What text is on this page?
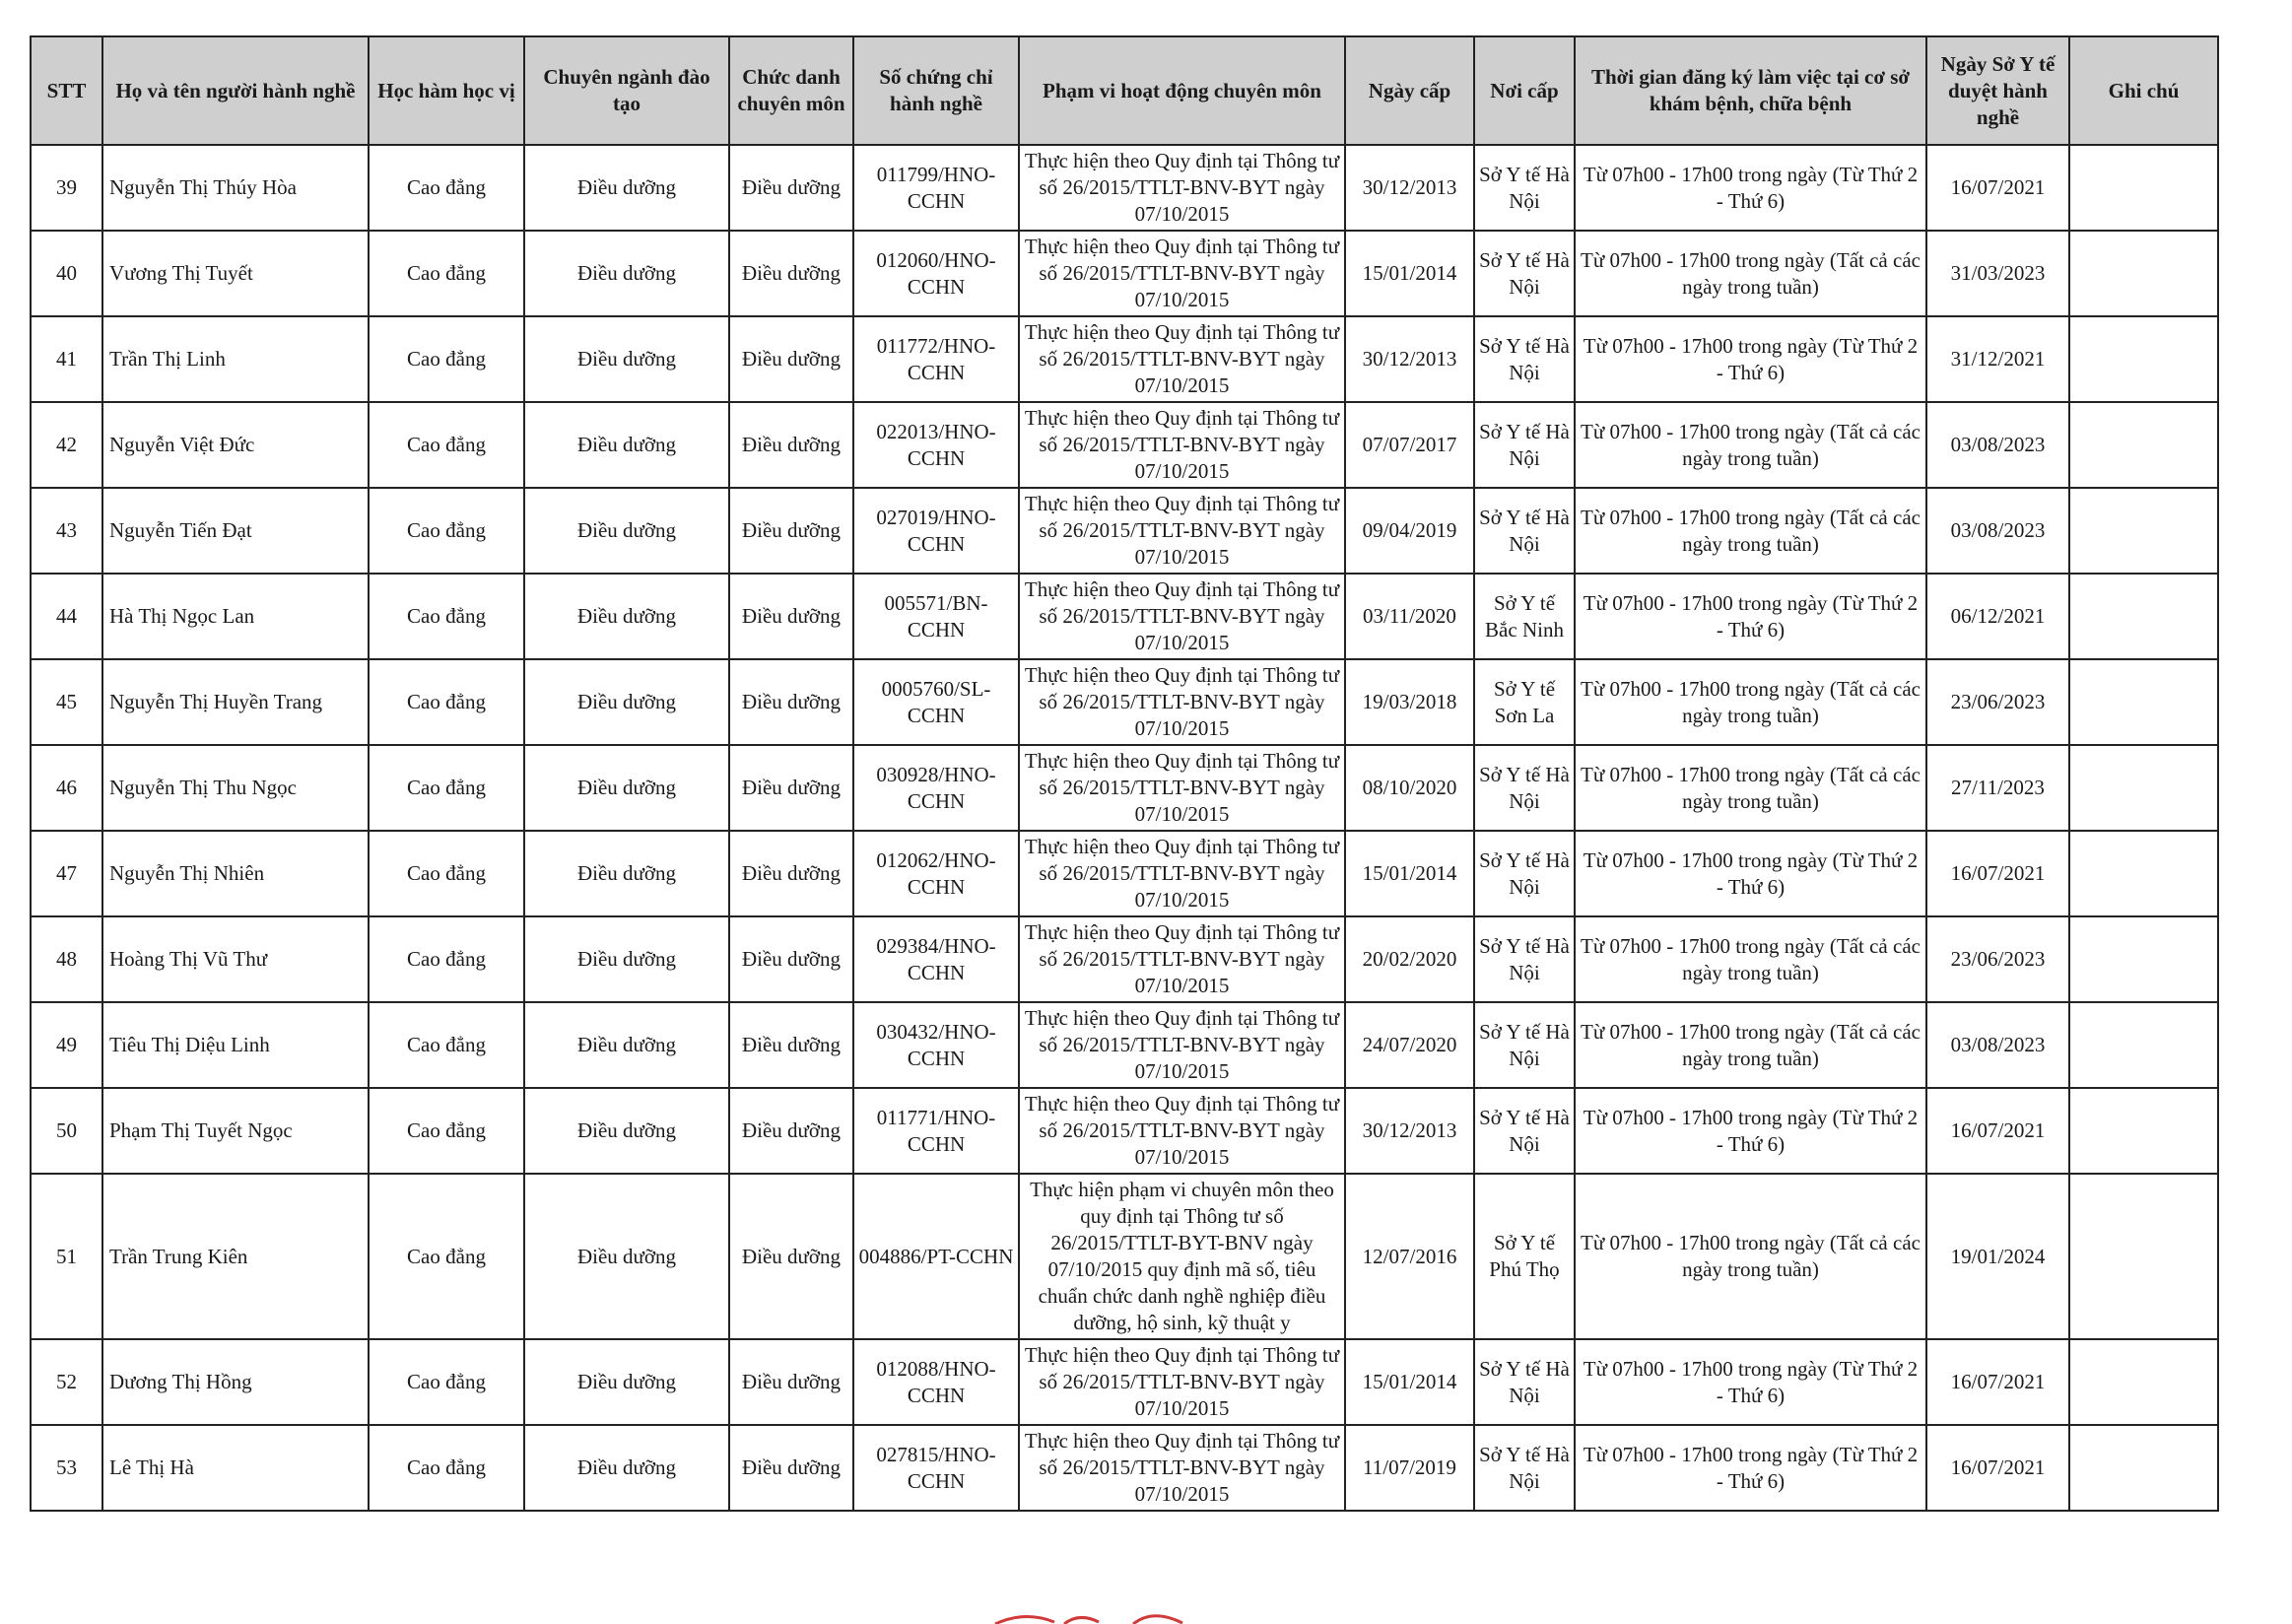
STT	Họ và tên người hành nghề	Học hàm học vị	Chuyên ngành đào tạo	Chức danh chuyên môn	Số chứng chỉ hành nghề	Phạm vi hoạt động chuyên môn	Ngày cấp	Nơi cấp	Thời gian đăng ký làm việc tại cơ sở khám bệnh, chữa bệnh	Ngày Sở Y tế duyệt hành nghề	Ghi chú
39	Nguyễn Thị Thúy Hòa	Cao đẳng	Điều dưỡng	Điều dưỡng	011799/HNO-CCHN	Thực hiện theo Quy định tại Thông tư số 26/2015/TTLT-BNV-BYT ngày 07/10/2015	30/12/2013	Sở Y tế Hà Nội	Từ 07h00 - 17h00 trong ngày (Từ Thứ 2 - Thứ 6)	16/07/2021	
40	Vương Thị Tuyết	Cao đẳng	Điều dưỡng	Điều dưỡng	012060/HNO-CCHN	Thực hiện theo Quy định tại Thông tư số 26/2015/TTLT-BNV-BYT ngày 07/10/2015	15/01/2014	Sở Y tế Hà Nội	Từ 07h00 - 17h00 trong ngày (Tất cả các ngày trong tuần)	31/03/2023	
41	Trần Thị Linh	Cao đẳng	Điều dưỡng	Điều dưỡng	011772/HNO-CCHN	Thực hiện theo Quy định tại Thông tư số 26/2015/TTLT-BNV-BYT ngày 07/10/2015	30/12/2013	Sở Y tế Hà Nội	Từ 07h00 - 17h00 trong ngày (Từ Thứ 2 - Thứ 6)	31/12/2021	
42	Nguyễn Việt Đức	Cao đẳng	Điều dưỡng	Điều dưỡng	022013/HNO-CCHN	Thực hiện theo Quy định tại Thông tư số 26/2015/TTLT-BNV-BYT ngày 07/10/2015	07/07/2017	Sở Y tế Hà Nội	Từ 07h00 - 17h00 trong ngày (Tất cả các ngày trong tuần)	03/08/2023	
43	Nguyễn Tiến Đạt	Cao đẳng	Điều dưỡng	Điều dưỡng	027019/HNO-CCHN	Thực hiện theo Quy định tại Thông tư số 26/2015/TTLT-BNV-BYT ngày 07/10/2015	09/04/2019	Sở Y tế Hà Nội	Từ 07h00 - 17h00 trong ngày (Tất cả các ngày trong tuần)	03/08/2023	
44	Hà Thị Ngọc Lan	Cao đẳng	Điều dưỡng	Điều dưỡng	005571/BN-CCHN	Thực hiện theo Quy định tại Thông tư số 26/2015/TTLT-BNV-BYT ngày 07/10/2015	03/11/2020	Sở Y tế Bắc Ninh	Từ 07h00 - 17h00 trong ngày (Từ Thứ 2 - Thứ 6)	06/12/2021	
45	Nguyễn Thị Huyền Trang	Cao đẳng	Điều dưỡng	Điều dưỡng	0005760/SL-CCHN	Thực hiện theo Quy định tại Thông tư số 26/2015/TTLT-BNV-BYT ngày 07/10/2015	19/03/2018	Sở Y tế Sơn La	Từ 07h00 - 17h00 trong ngày (Tất cả các ngày trong tuần)	23/06/2023	
46	Nguyễn Thị Thu Ngọc	Cao đẳng	Điều dưỡng	Điều dưỡng	030928/HNO-CCHN	Thực hiện theo Quy định tại Thông tư số 26/2015/TTLT-BNV-BYT ngày 07/10/2015	08/10/2020	Sở Y tế Hà Nội	Từ 07h00 - 17h00 trong ngày (Tất cả các ngày trong tuần)	27/11/2023	
47	Nguyễn Thị Nhiên	Cao đẳng	Điều dưỡng	Điều dưỡng	012062/HNO-CCHN	Thực hiện theo Quy định tại Thông tư số 26/2015/TTLT-BNV-BYT ngày 07/10/2015	15/01/2014	Sở Y tế Hà Nội	Từ 07h00 - 17h00 trong ngày (Từ Thứ 2 - Thứ 6)	16/07/2021	
48	Hoàng Thị Vũ Thư	Cao đẳng	Điều dưỡng	Điều dưỡng	029384/HNO-CCHN	Thực hiện theo Quy định tại Thông tư số 26/2015/TTLT-BNV-BYT ngày 07/10/2015	20/02/2020	Sở Y tế Hà Nội	Từ 07h00 - 17h00 trong ngày (Tất cả các ngày trong tuần)	23/06/2023	
49	Tiêu Thị Diệu Linh	Cao đẳng	Điều dưỡng	Điều dưỡng	030432/HNO-CCHN	Thực hiện theo Quy định tại Thông tư số 26/2015/TTLT-BNV-BYT ngày 07/10/2015	24/07/2020	Sở Y tế Hà Nội	Từ 07h00 - 17h00 trong ngày (Tất cả các ngày trong tuần)	03/08/2023	
50	Phạm Thị Tuyết Ngọc	Cao đẳng	Điều dưỡng	Điều dưỡng	011771/HNO-CCHN	Thực hiện theo Quy định tại Thông tư số 26/2015/TTLT-BNV-BYT ngày 07/10/2015	30/12/2013	Sở Y tế Hà Nội	Từ 07h00 - 17h00 trong ngày (Từ Thứ 2 - Thứ 6)	16/07/2021	
51	Trần Trung Kiên	Cao đẳng	Điều dưỡng	Điều dưỡng	004886/PT-CCHN	Thực hiện phạm vi chuyên môn theo quy định tại Thông tư số 26/2015/TTLT-BYT-BNV ngày 07/10/2015 quy định mã số, tiêu chuẩn chức danh nghề nghiệp điều dưỡng, hộ sinh, kỹ thuật y	12/07/2016	Sở Y tế Phú Thọ	Từ 07h00 - 17h00 trong ngày (Tất cả các ngày trong tuần)	19/01/2024	
52	Dương Thị Hồng	Cao đẳng	Điều dưỡng	Điều dưỡng	012088/HNO-CCHN	Thực hiện theo Quy định tại Thông tư số 26/2015/TTLT-BNV-BYT ngày 07/10/2015	15/01/2014	Sở Y tế Hà Nội	Từ 07h00 - 17h00 trong ngày (Từ Thứ 2 - Thứ 6)	16/07/2021	
53	Lê Thị Hà	Cao đẳng	Điều dưỡng	Điều dưỡng	027815/HNO-CCHN	Thực hiện theo Quy định tại Thông tư số 26/2015/TTLT-BNV-BYT ngày 07/10/2015	11/07/2019	Sở Y tế Hà Nội	Từ 07h00 - 17h00 trong ngày (Từ Thứ 2 - Thứ 6)	16/07/2021	
